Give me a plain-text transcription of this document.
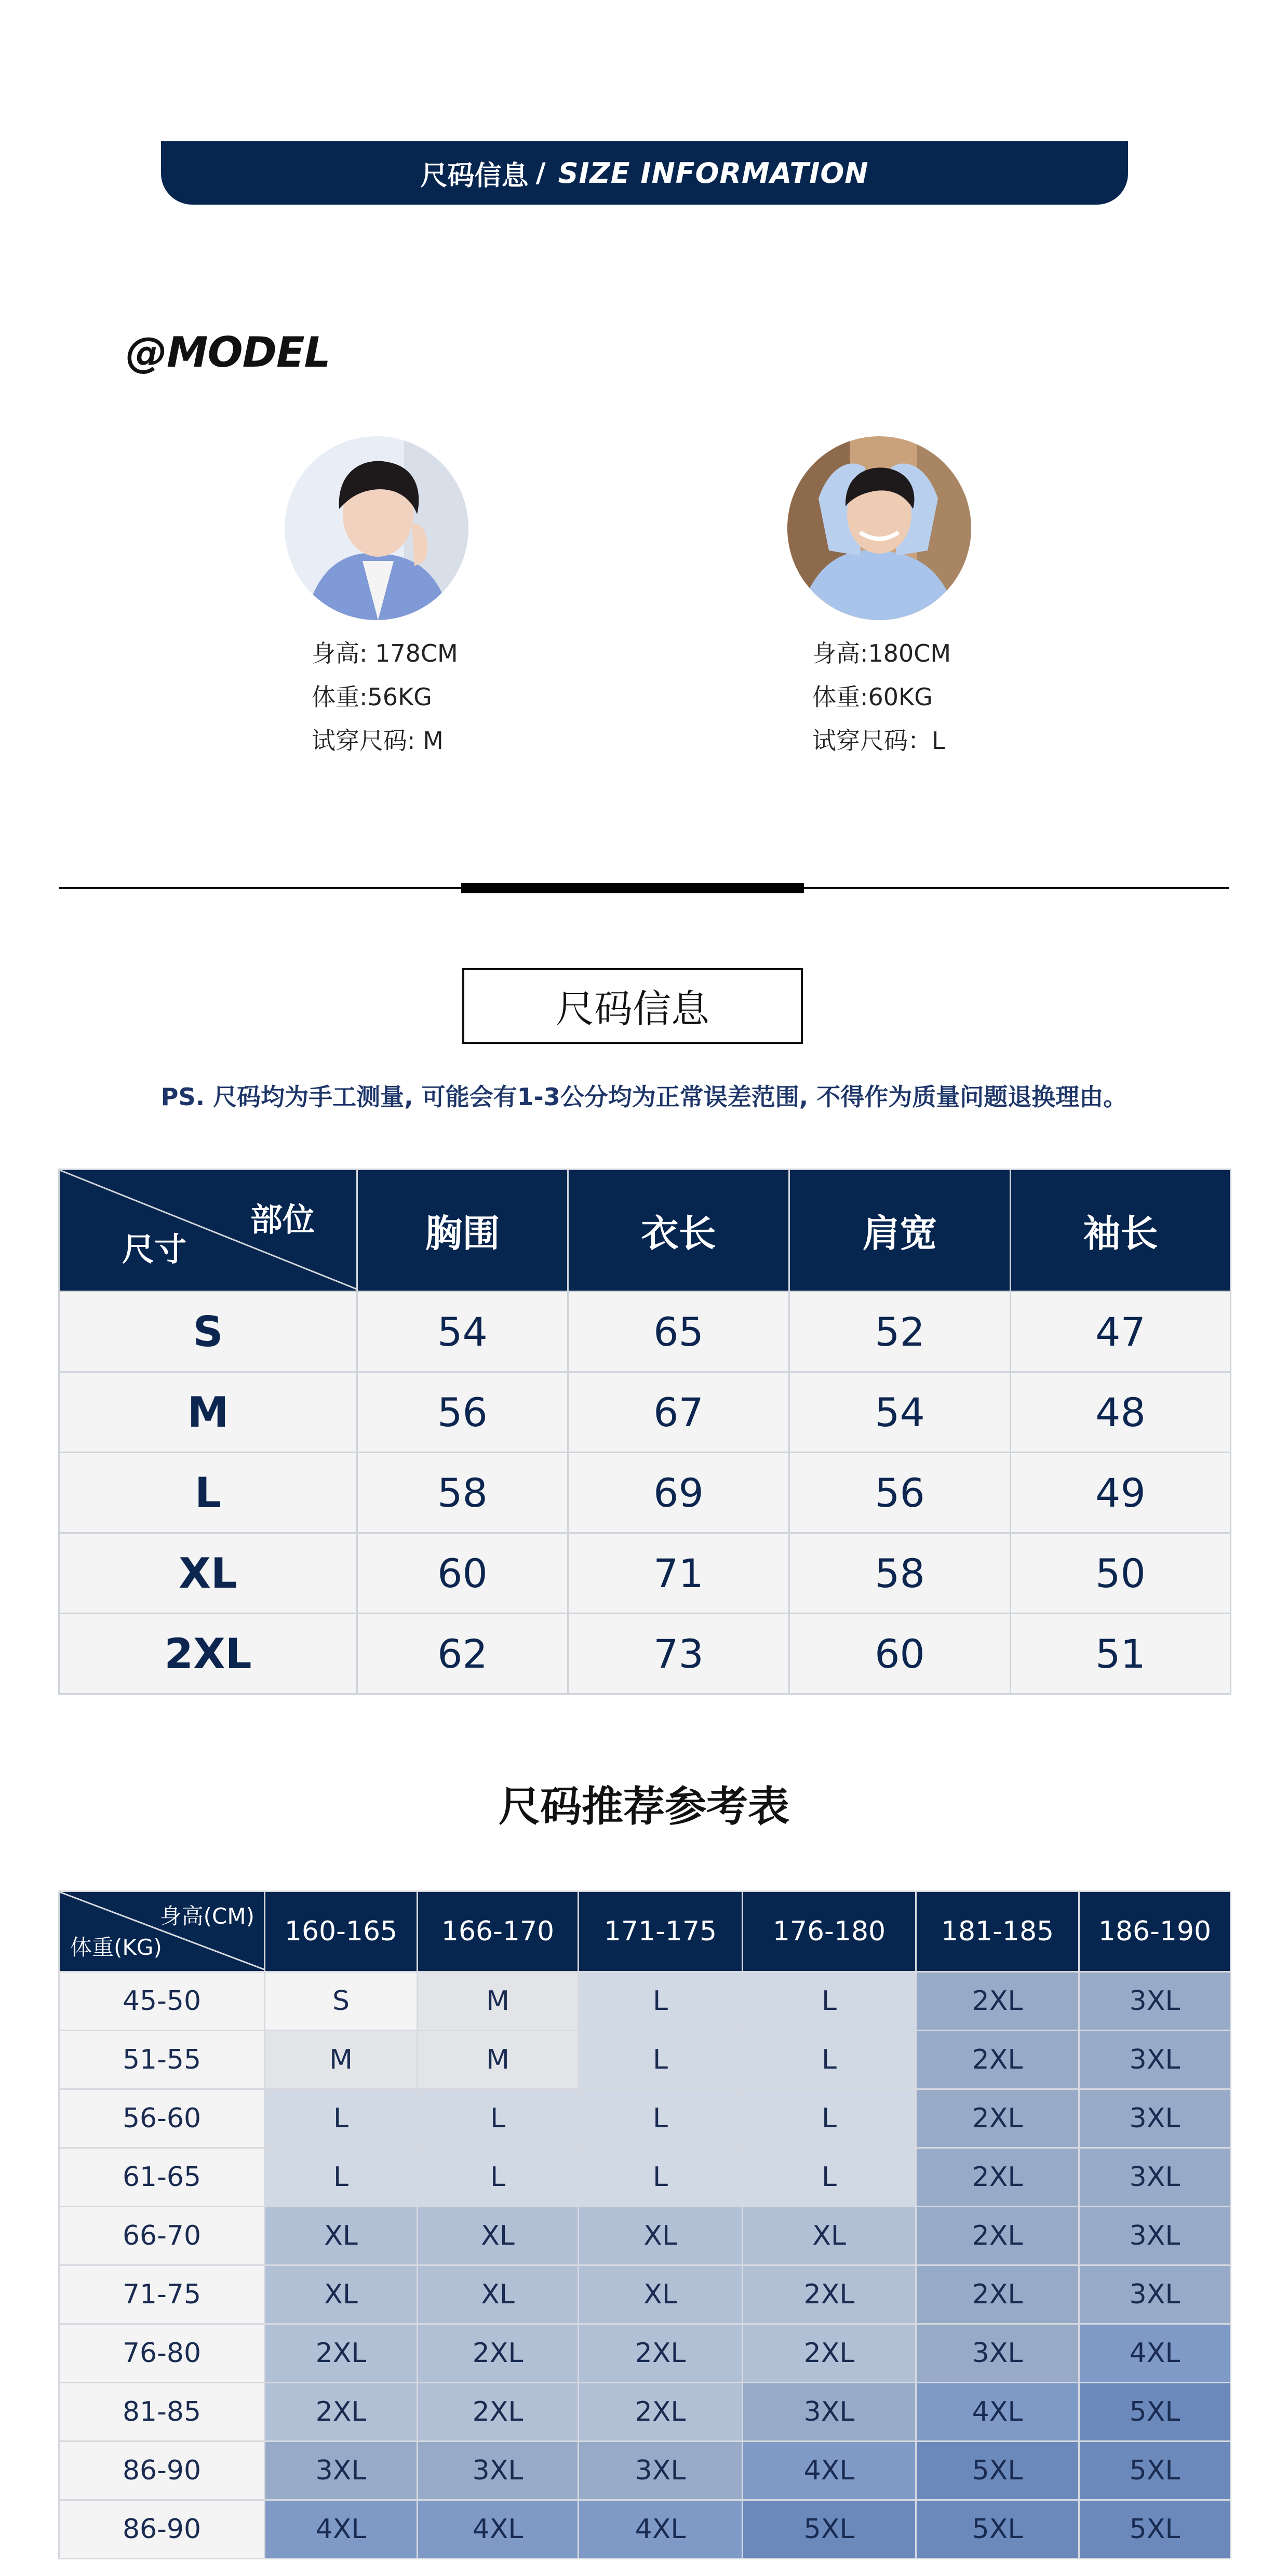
尺码信息 / SIZE INFORMATION
@MODEL
身高: 178CM
体重:56KG
试穿尺码: M
身高:180CM
体重:60KG
试穿尺码：L
尺码信息
PS. 尺码均为手工测量, 可能会有1-3公分均为正常误差范围, 不得作为质量问题退换理由。
部位
尺寸	胸围	衣长	肩宽	袖长
S	54	65	52	47
M	56	67	54	48
L	58	69	56	49
XL	60	71	58	50
2XL	62	73	60	51
尺码推荐参考表
身高(CM)
体重(KG)	160-165	166-170	171-175	176-180	181-185	186-190
45-50	S	M	L	L	2XL	3XL
51-55	M	M	L	L	2XL	3XL
56-60	L	L	L	L	2XL	3XL
61-65	L	L	L	L	2XL	3XL
66-70	XL	XL	XL	XL	2XL	3XL
71-75	XL	XL	XL	2XL	2XL	3XL
76-80	2XL	2XL	2XL	2XL	3XL	4XL
81-85	2XL	2XL	2XL	3XL	4XL	5XL
86-90	3XL	3XL	3XL	4XL	5XL	5XL
86-90	4XL	4XL	4XL	5XL	5XL	5XL
